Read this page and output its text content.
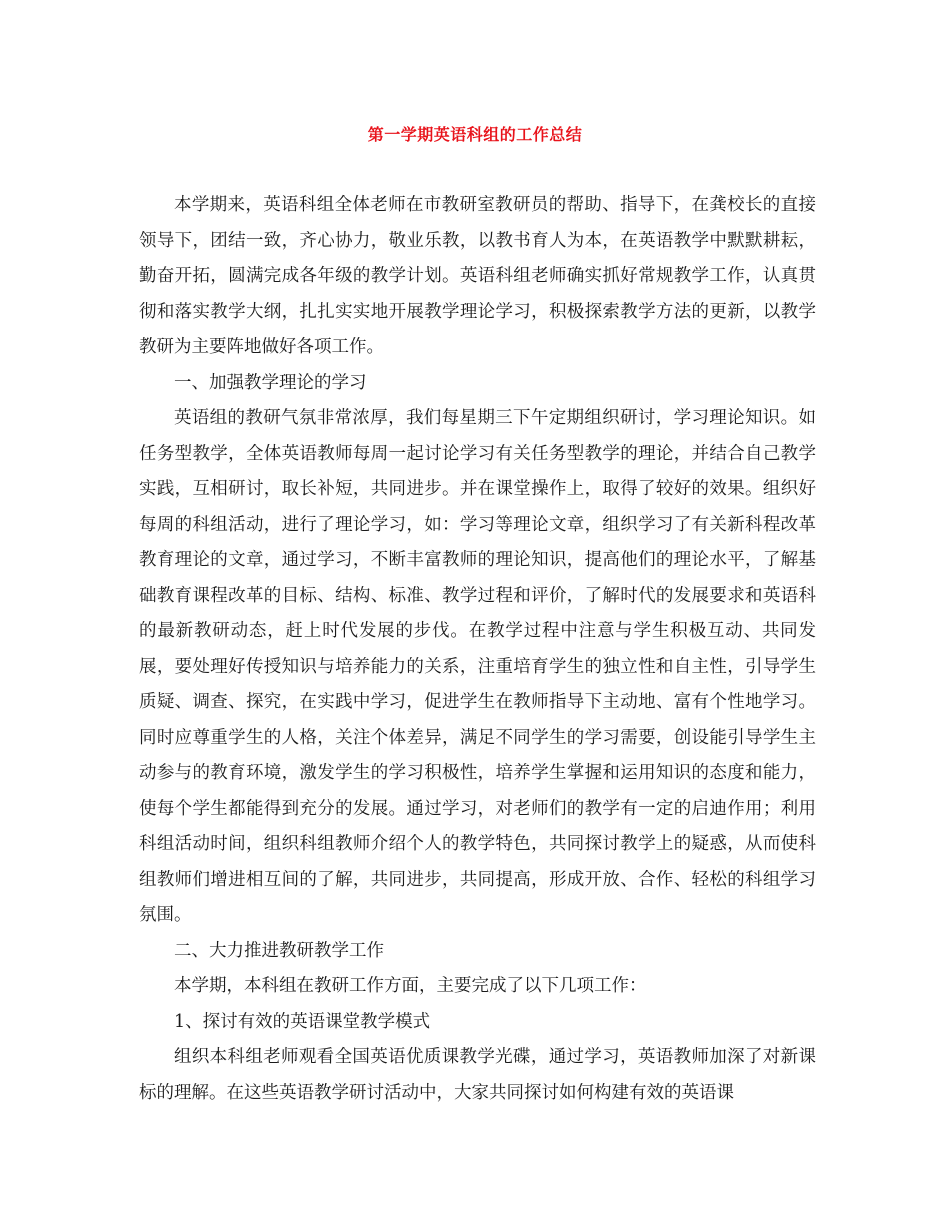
第一学期英语科组的工作总结

本学期来，英语科组全体老师在市教研室教研员的帮助、指导下，在龚校长的直接领导下，团结一致，齐心协力，敬业乐教，以教书育人为本，在英语教学中默默耕耘，勤奋开拓，圆满完成各年级的教学计划。英语科组老师确实抓好常规教学工作，认真贯彻和落实教学大纲，扎扎实实地开展教学理论学习，积极探索教学方法的更新，以教学教研为主要阵地做好各项工作。

一、加强教学理论的学习

英语组的教研气氛非常浓厚，我们每星期三下午定期组织研讨，学习理论知识。如任务型教学，全体英语教师每周一起讨论学习有关任务型教学的理论，并结合自己教学实践，互相研讨，取长补短，共同进步。并在课堂操作上，取得了较好的效果。组织好每周的科组活动，进行了理论学习，如：学习等理论文章，组织学习了有关新科程改革教育理论的文章，通过学习，不断丰富教师的理论知识，提高他们的理论水平，了解基础教育课程改革的目标、结构、标准、教学过程和评价，了解时代的发展要求和英语科的最新教研动态，赶上时代发展的步伐。在教学过程中注意与学生积极互动、共同发展，要处理好传授知识与培养能力的关系，注重培育学生的独立性和自主性，引导学生质疑、调查、探究，在实践中学习，促进学生在教师指导下主动地、富有个性地学习。同时应尊重学生的人格，关注个体差异，满足不同学生的学习需要，创设能引导学生主动参与的教育环境，激发学生的学习积极性，培养学生掌握和运用知识的态度和能力，使每个学生都能得到充分的发展。通过学习，对老师们的教学有一定的启迪作用；利用科组活动时间，组织科组教师介绍个人的教学特色，共同探讨教学上的疑惑，从而使科组教师们增进相互间的了解，共同进步，共同提高，形成开放、合作、轻松的科组学习氛围。

二、大力推进教研教学工作

本学期，本科组在教研工作方面，主要完成了以下几项工作：

1、探讨有效的英语课堂教学模式

组织本科组老师观看全国英语优质课教学光碟，通过学习，英语教师加深了对新课标的理解。在这些英语教学研讨活动中，大家共同探讨如何构建有效的英语课
